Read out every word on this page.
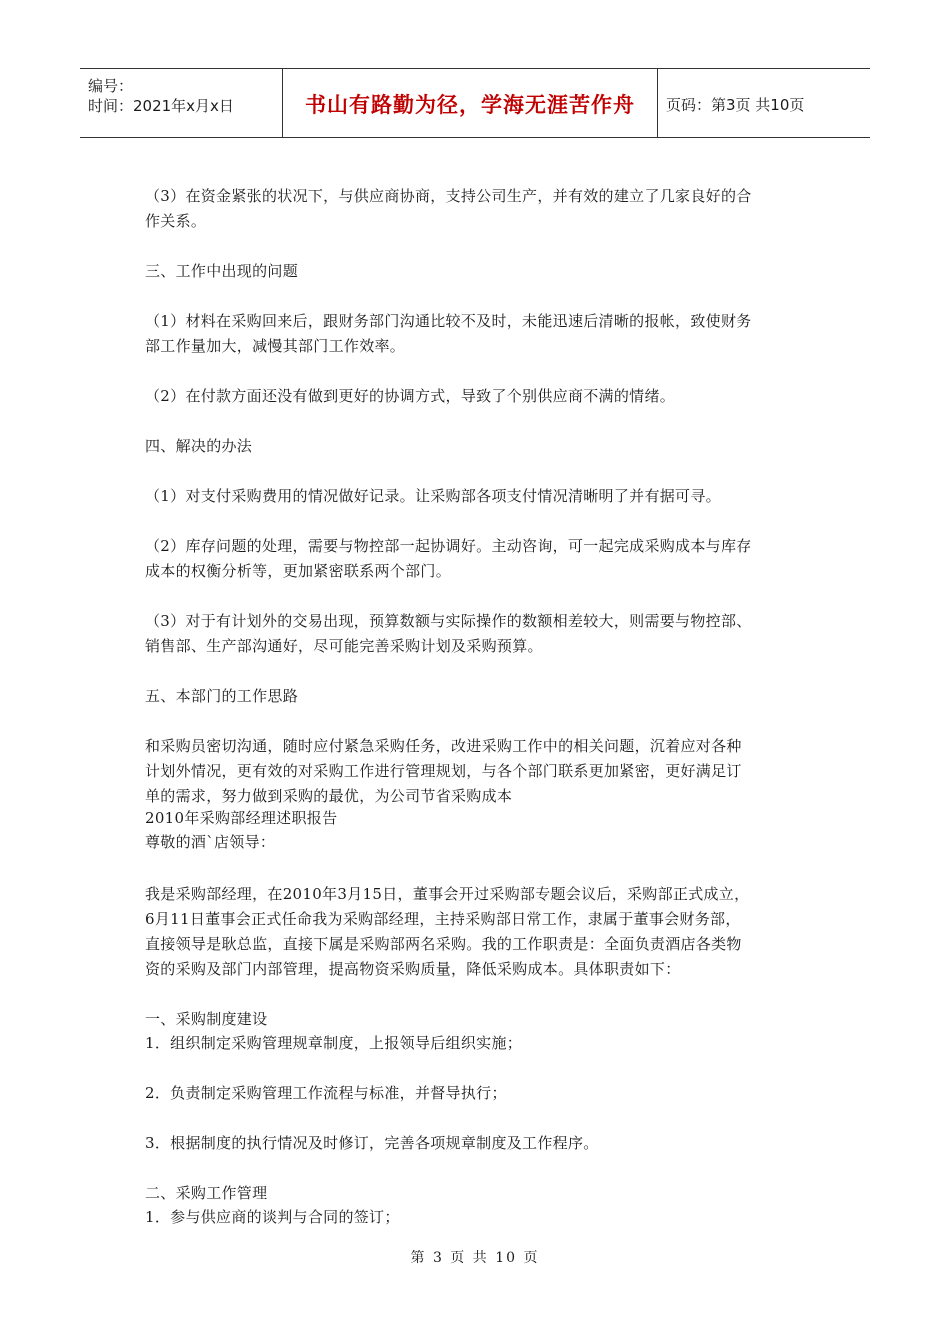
编号：
时间：2021年x月x日	书山有路勤为径，学海无涯苦作舟	页码：第3页 共10页
（3）在资金紧张的状况下，与供应商协商，支持公司生产，并有效的建立了几家良好的合
作关系。
三、工作中出现的问题
（1）材料在采购回来后，跟财务部门沟通比较不及时，未能迅速后清晰的报帐，致使财务
部工作量加大，减慢其部门工作效率。
（2）在付款方面还没有做到更好的协调方式，导致了个别供应商不满的情绪。
四、解决的办法
（1）对支付采购费用的情况做好记录。让采购部各项支付情况清晰明了并有据可寻。
（2）库存问题的处理，需要与物控部一起协调好。主动咨询，可一起完成采购成本与库存
成本的权衡分析等，更加紧密联系两个部门。
（3）对于有计划外的交易出现，预算数额与实际操作的数额相差较大，则需要与物控部、
销售部、生产部沟通好，尽可能完善采购计划及采购预算。
五、本部门的工作思路
和采购员密切沟通，随时应付紧急采购任务，改进采购工作中的相关问题，沉着应对各种
计划外情况，更有效的对采购工作进行管理规划，与各个部门联系更加紧密，更好满足订
单的需求，努力做到采购的最优，为公司节省采购成本
2010年采购部经理述职报告
尊敬的酒`店领导：
我是采购部经理，在2010年3月15日，董事会开过采购部专题会议后，采购部正式成立，
6月11日董事会正式任命我为采购部经理，主持采购部日常工作，隶属于董事会财务部，
直接领导是耿总监，直接下属是采购部两名采购。我的工作职责是：全面负责酒店各类物
资的采购及部门内部管理，提高物资采购质量，降低采购成本。具体职责如下：
一、采购制度建设
1．组织制定采购管理规章制度，上报领导后组织实施；
2．负责制定采购管理工作流程与标准，并督导执行；
3．根据制度的执行情况及时修订，完善各项规章制度及工作程序。
二、采购工作管理
1．参与供应商的谈判与合同的签订；
第 3 页 共 10 页
